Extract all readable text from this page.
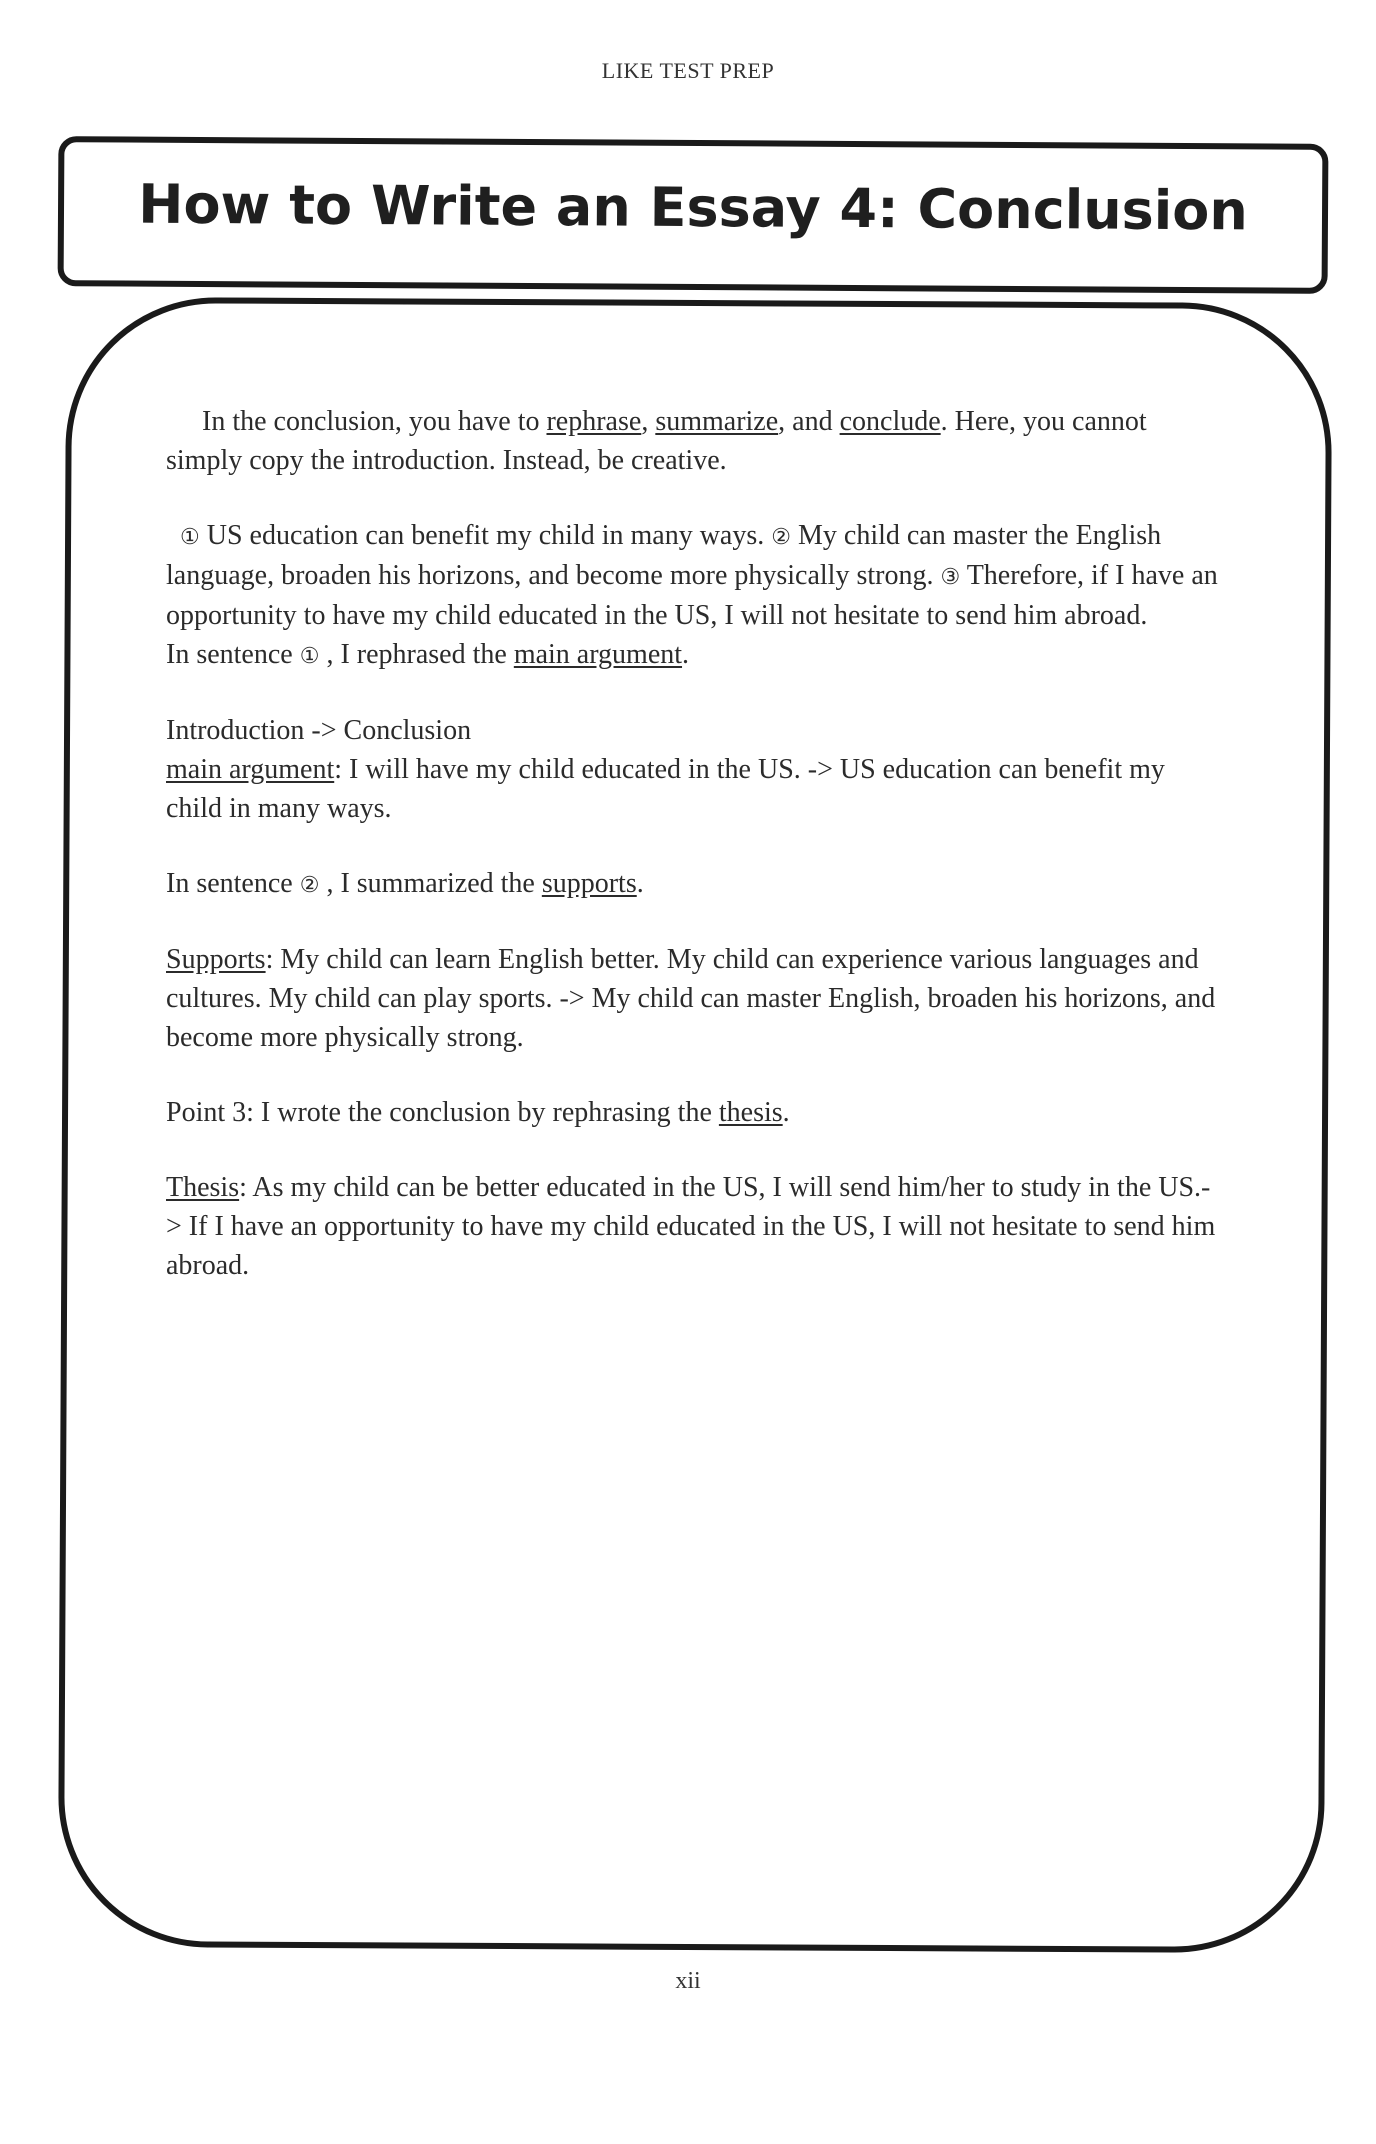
LIKE TEST PREP
How to Write an Essay 4: Conclusion

In the conclusion, you have to rephrase, summarize, and conclude. Here, you cannot simply copy the introduction. Instead, be creative.

① US education can benefit my child in many ways. ② My child can master the English language, broaden his horizons, and become more physically strong. ③ Therefore, if I have an opportunity to have my child educated in the US, I will not hesitate to send him abroad.

In sentence ① , I rephrased the main argument.

Introduction -> Conclusion
main argument: I will have my child educated in the US. -> US education can benefit my child in many ways.

In sentence ② , I summarized the supports.

Supports: My child can learn English better. My child can experience various languages and cultures. My child can play sports. -> My child can master English, broaden his horizons, and become more physically strong.

Point 3: I wrote the conclusion by rephrasing the thesis.

Thesis: As my child can be better educated in the US, I will send him/her to study in the US.-> If I have an opportunity to have my child educated in the US, I will not hesitate to send him abroad.

xii
